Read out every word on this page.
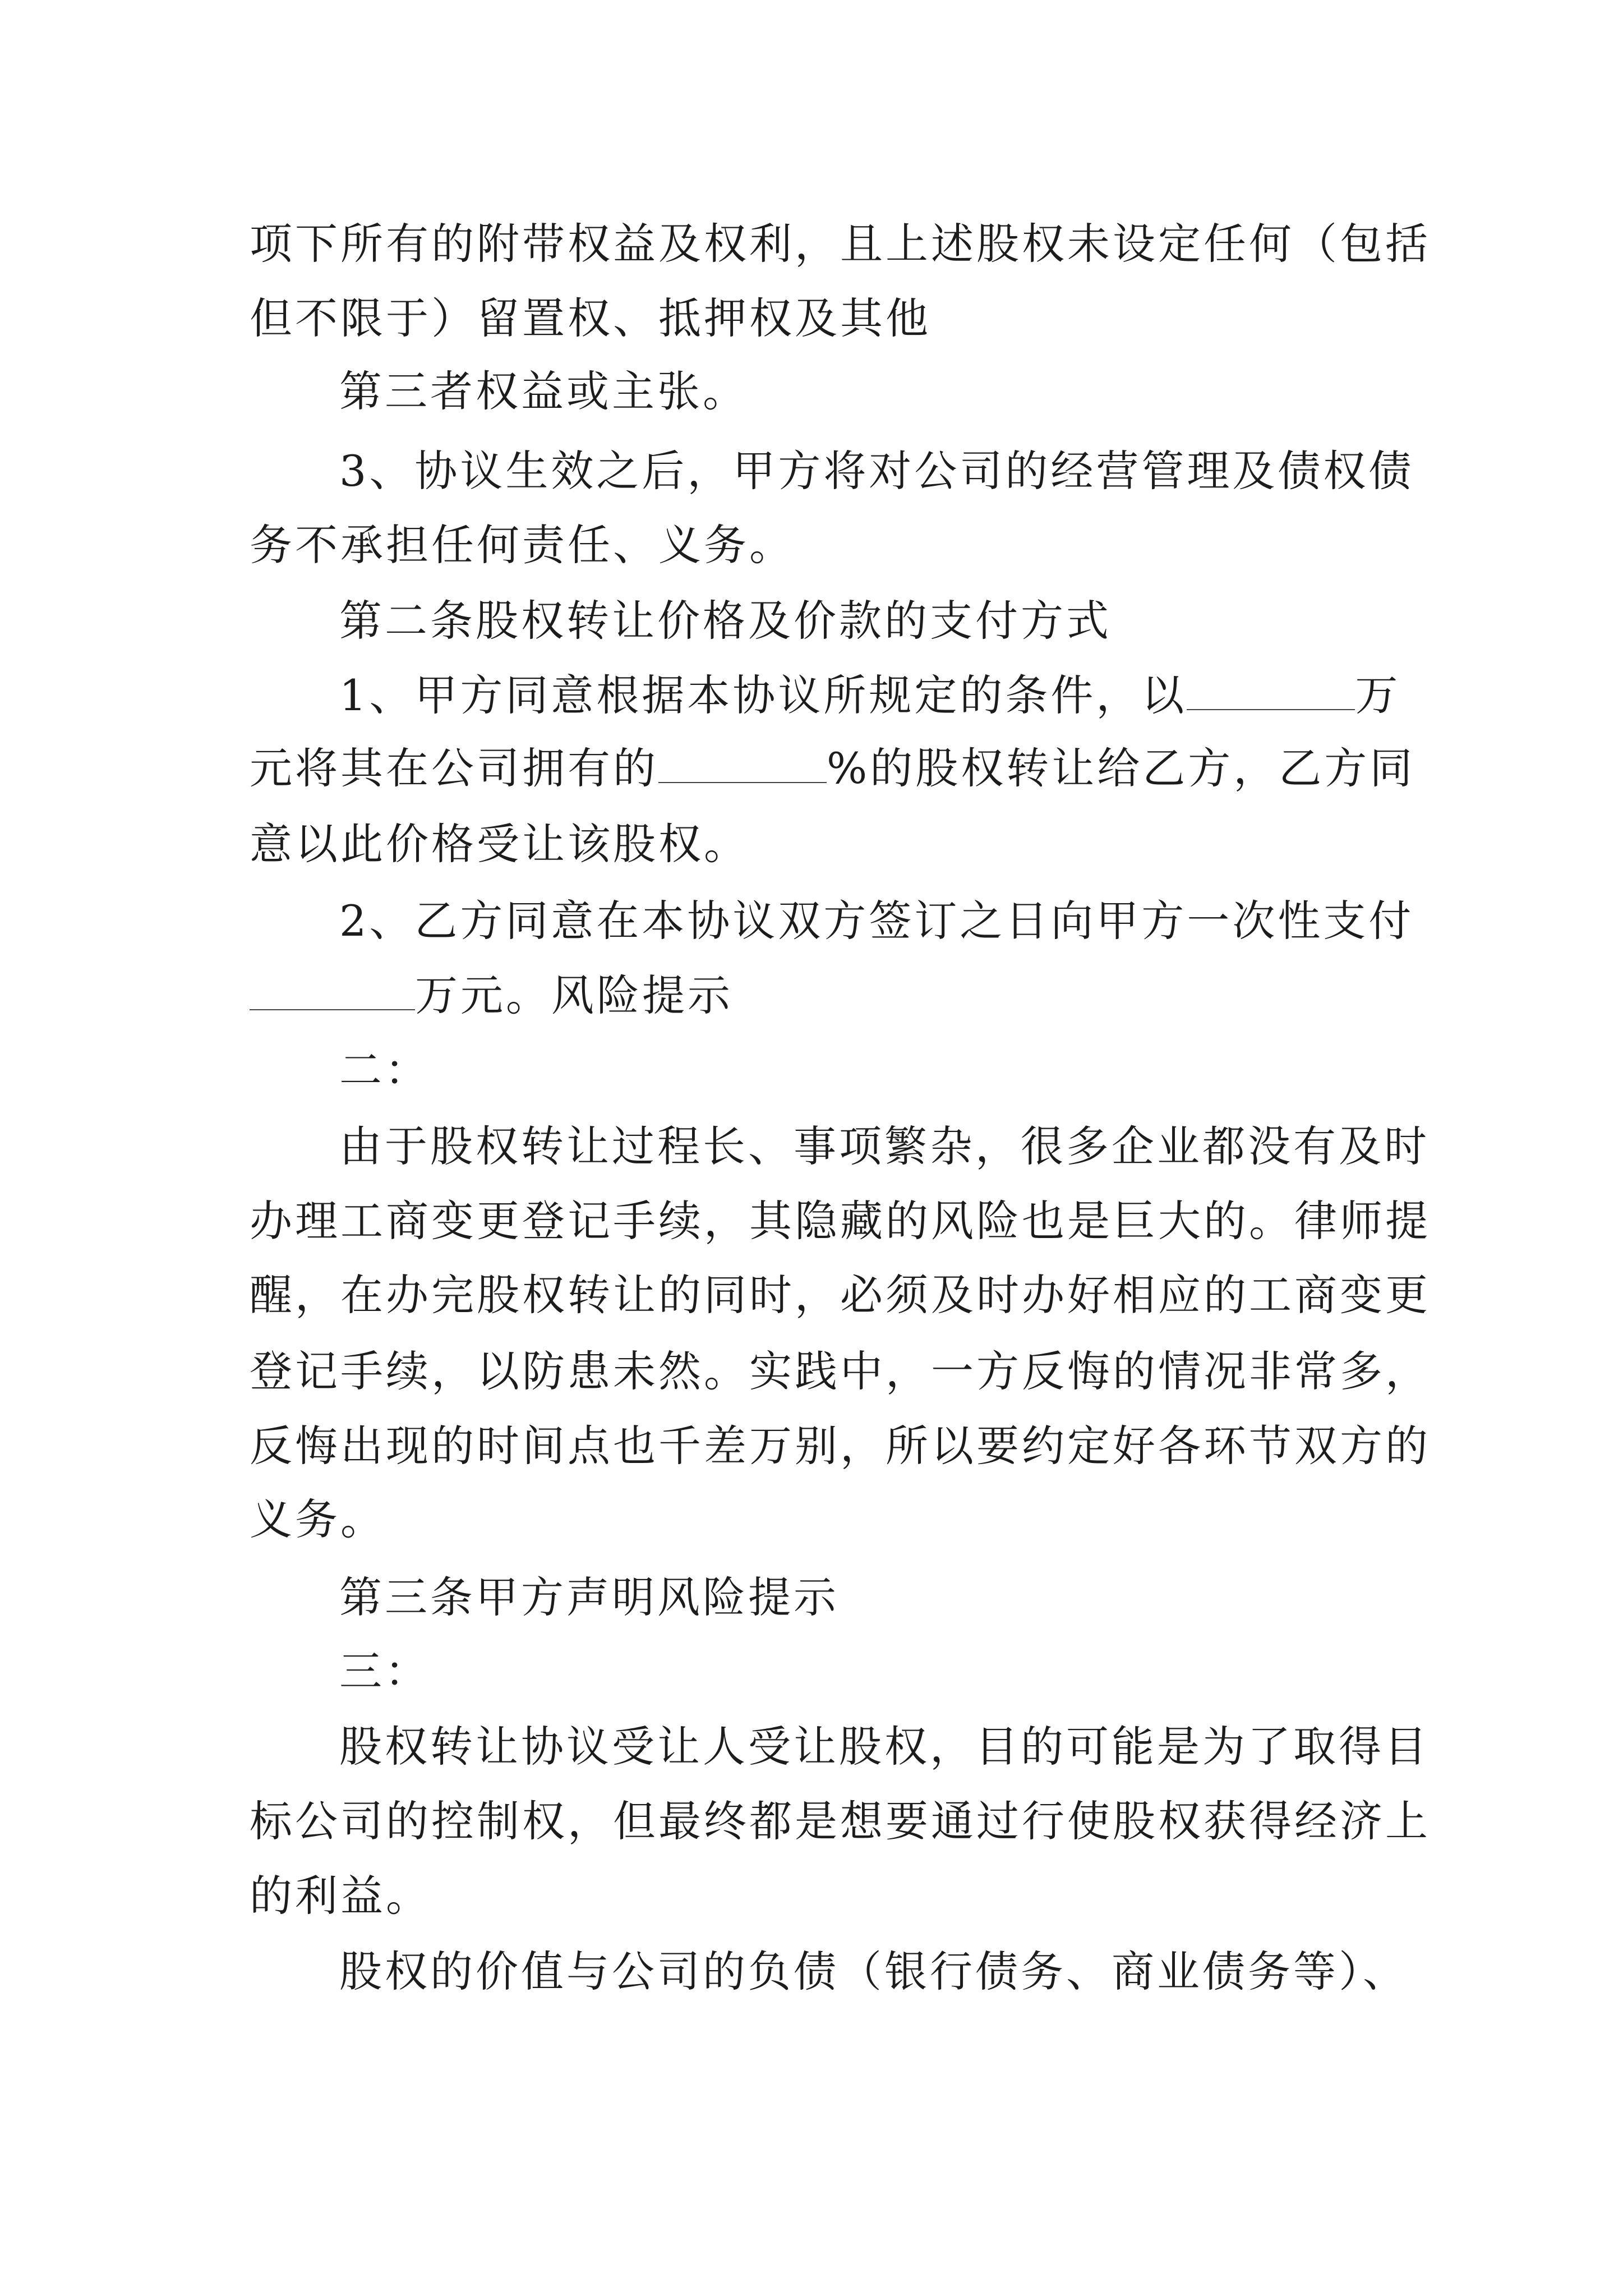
项下所有的附带权益及权利，且上述股权未设定任何（包括

但不限于）留置权、抵押权及其他

第三者权益或主张。

3、协议生效之后，甲方将对公司的经营管理及债权债

务不承担任何责任、义务。

第二条股权转让价格及价款的支付方式

1、甲方同意根据本协议所规定的条件，以	万

元将其在公司拥有的	%的股权转让给乙方，乙方同

意以此价格受让该股权。

2、乙方同意在本协议双方签订之日向甲方一次性支付

万元。风险提示

二：

由于股权转让过程长、事项繁杂，很多企业都没有及时

办理工商变更登记手续，其隐藏的风险也是巨大的。律师提

醒，在办完股权转让的同时，必须及时办好相应的工商变更

登记手续，以防患未然。实践中，一方反悔的情况非常多，

反悔出现的时间点也千差万别，所以要约定好各环节双方的

义务。

第三条甲方声明风险提示

三：

股权转让协议受让人受让股权，目的可能是为了取得目

标公司的控制权，但最终都是想要通过行使股权获得经济上

的利益。

股权的价值与公司的负债（银行债务、商业债务等）、
